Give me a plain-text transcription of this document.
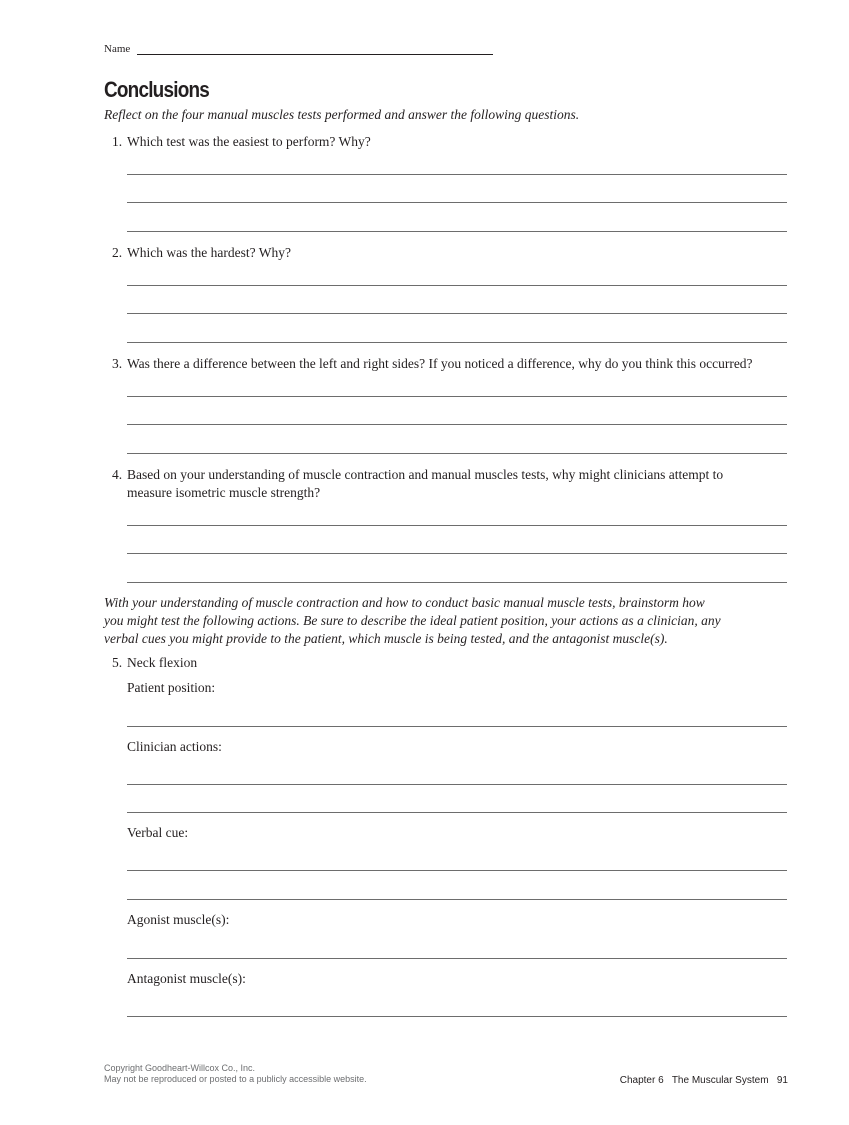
Name
Conclusions
Reflect on the four manual muscles tests performed and answer the following questions.
1. Which test was the easiest to perform? Why?
2. Which was the hardest? Why?
3. Was there a difference between the left and right sides? If you noticed a difference, why do you think this occurred?
4. Based on your understanding of muscle contraction and manual muscles tests, why might clinicians attempt to
measure isometric muscle strength?
With your understanding of muscle contraction and how to conduct basic manual muscle tests, brainstorm how
you might test the following actions. Be sure to describe the ideal patient position, your actions as a clinician, any
verbal cues you might provide to the patient, which muscle is being tested, and the antagonist muscle(s).
5. Neck flexion
Patient position:
Clinician actions:
Verbal cue:
Agonist muscle(s):
Antagonist muscle(s):
Copyright Goodheart-Willcox Co., Inc.
May not be reproduced or posted to a publicly accessible website.	Chapter 6 The Muscular System 91
